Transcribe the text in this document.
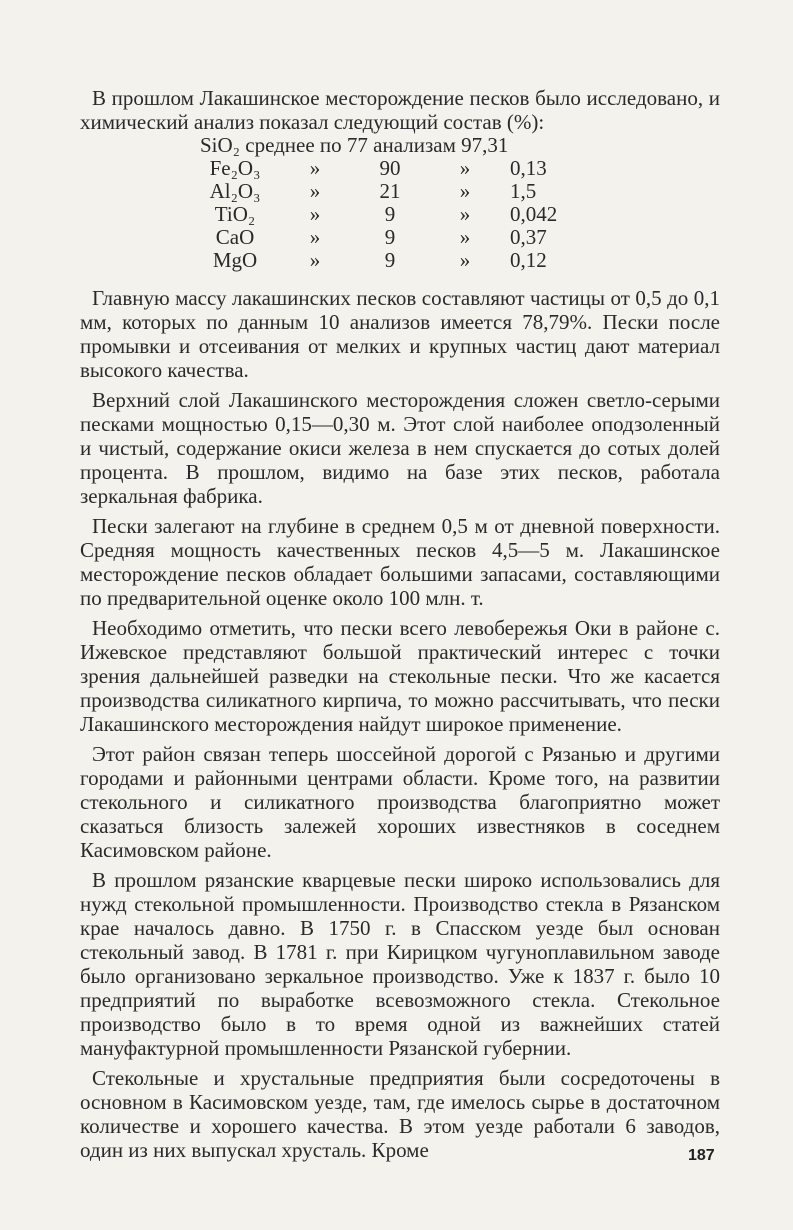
В прошлом Лакашинское месторождение песков было исследовано, и химический анализ показал следующий состав (%):

SiO₂ среднее по 77 анализам 97,31				
Fe₂O₃	»	90	»	0,13
Al₂O₃	»	21	»	1,5
TiO₂	»	9	»	0,042
CaO	»	9	»	0,37
MgO	»	9	»	0,12

Главную массу лакашинских песков составляют частицы от 0,5 до 0,1 мм, которых по данным 10 анализов имеется 78,79%. Пески после промывки и отсеивания от мелких и крупных частиц дают материал высокого качества.

Верхний слой Лакашинского месторождения сложен светло-серыми песками мощностью 0,15—0,30 м. Этот слой наиболее оподзоленный и чистый, содержание окиси железа в нем спускается до сотых долей процента. В прошлом, видимо на базе этих песков, работала зеркальная фабрика.

Пески залегают на глубине в среднем 0,5 м от дневной поверхности. Средняя мощность качественных песков 4,5—5 м. Лакашинское месторождение песков обладает большими запасами, составляющими по предварительной оценке около 100 млн. т.

Необходимо отметить, что пески всего левобережья Оки в районе с. Ижевское представляют большой практический интерес с точки зрения дальнейшей разведки на стекольные пески. Что же касается производства силикатного кирпича, то можно рассчитывать, что пески Лакашинского месторождения найдут широкое применение.

Этот район связан теперь шоссейной дорогой с Рязанью и другими городами и районными центрами области. Кроме того, на развитии стекольного и силикатного производства благоприятно может сказаться близость залежей хороших известняков в соседнем Касимовском районе.

В прошлом рязанские кварцевые пески широко использовались для нужд стекольной промышленности. Производство стекла в Рязанском крае началось давно. В 1750 г. в Спасском уезде был основан стекольный завод. В 1781 г. при Кирицком чугуноплавильном заводе было организовано зеркальное производство. Уже к 1837 г. было 10 предприятий по выработке всевозможного стекла. Стекольное производство было в то время одной из важнейших статей мануфактурной промышленности Рязанской губернии.

Стекольные и хрустальные предприятия были сосредоточены в основном в Касимовском уезде, там, где имелось сырье в достаточном количестве и хорошего качества. В этом уезде работали 6 заводов, один из них выпускал хрусталь. Кроме	187
